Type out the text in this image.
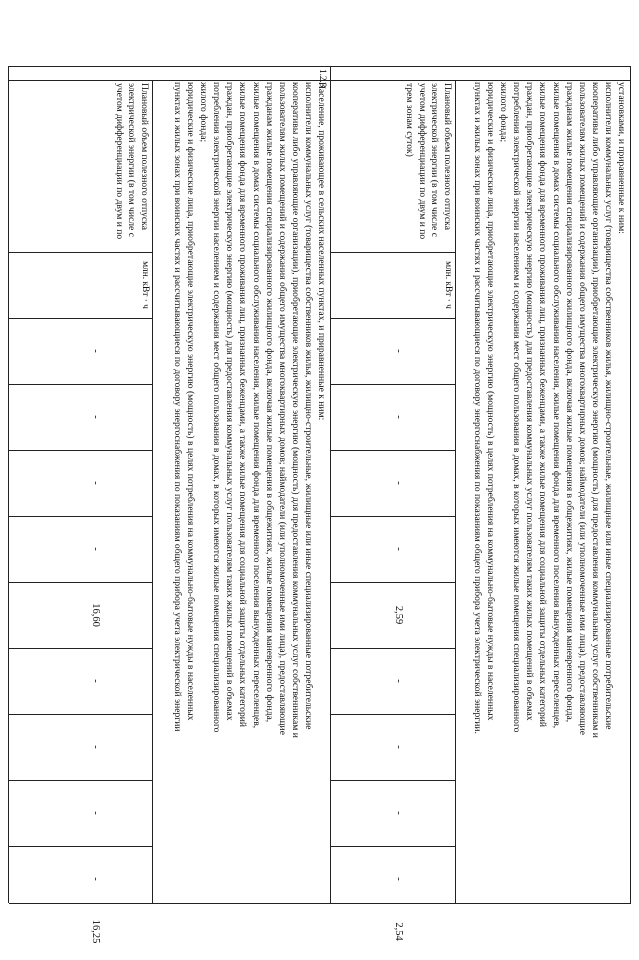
установками, и приравненные к ним:
исполнители коммунальных услуг (товарищества собственников жилья, жилищно-строительные, жилищные или иные специализированные потребительские
кооперативы либо управляющие организации), приобретающие электрическую энергию (мощность) для предоставления коммунальных услуг собственникам и
пользователям жилых помещений и содержания общего имущества многоквартирных домов; наймодатели (или уполномоченные ими лица), предоставляющие
гражданам жилые помещения специализированного жилищного фонда, включая жилые помещения в общежитиях, жилые помещения маневренного фонда,
жилые помещения в домах системы социального обслуживания населения, жилые помещения фонда для временного поселения вынужденных переселенцев,
жилые помещения фонда для временного проживания лиц, признанных беженцами, а также жилые помещения для социальной защиты отдельных категорий
граждан, приобретающие электрическую энергию (мощность) для предоставления коммунальных услуг пользователям таких жилых помещений в объемах
потребления электрической энергии населением и содержания мест общего пользования в домах, в которых имеются жилые помещения специализированного
жилого фонда;
юридические и физические лица, приобретающие электрическую энергию (мощность) в целях потребления на коммунально-бытовые нужды в населенных
пунктах и жилых зонах при воинских частях и рассчитывающиеся по договору энергоснабжения по показаниям общего прибора учета электрической энергии.
Плановый объем полезного отпуска
электрической энергии (в том числе с
учетом дифференциации по двум и по
трем зонам суток)
млн. кВт · ч
-
-
-
-
2,59
-
-
-
-
2,54
1.2.3
Население, проживающее в сельских населенных пунктах, и приравненные к ним:
исполнители коммунальных услуг (товарищества собственников жилья, жилищно-строительные, жилищные или иные специализированные потребительские
кооперативы либо управляющие организации), приобретающие электрическую энергию (мощность) для предоставления коммунальных услуг собственникам и
пользователям жилых помещений и содержания общего имущества многоквартирных домов; наймодатели (или уполномоченные ими лица), предоставляющие
гражданам жилые помещения специализированного жилищного фонда, включая жилые помещения в общежитиях, жилые помещения маневренного фонда,
жилые помещения в домах системы социального обслуживания населения, жилые помещения фонда для временного поселения вынужденных переселенцев,
жилые помещения фонда для временного проживания лиц, признанных беженцами, а также жилые помещения для социальной защиты отдельных категорий
граждан, приобретающие электрическую энергию (мощность) для предоставления коммунальных услуг пользователям таких жилых помещений в объемах
потребления электрической энергии населением и содержания мест общего пользования в домах, в которых имеются жилые помещения специализированного
жилого фонда;
юридические и физические лица, приобретающие электрическую энергию (мощность) в целях потребления на коммунально-бытовые нужды в населенных
пунктах и жилых зонах при воинских частях и рассчитывающиеся по договору энергоснабжения по показаниям общего прибора учета электрической энергии
Плановый объем полезного отпуска
электрической энергии (в том числе с
учетом дифференциации по двум и по
млн. кВт · ч
-
-
-
-
16,60
-
-
-
-
16,25
